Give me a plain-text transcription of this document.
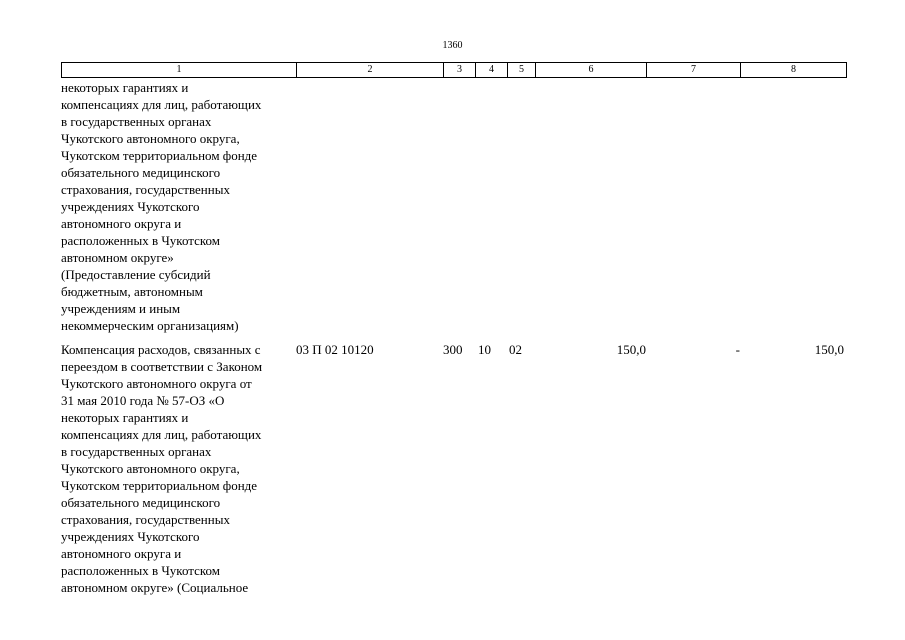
1360
1	2	3	4	5	6	7	8
некоторых гарантиях и
компенсациях для лиц, работающих
в государственных органах
Чукотского автономного округа,
Чукотском территориальном фонде
обязательного медицинского
страхования, государственных
учреждениях Чукотского
автономного округа и
расположенных в Чукотском
автономном округе»
(Предоставление субсидий
бюджетным, автономным
учреждениям и иным
некоммерческим организациям)
Компенсация расходов, связанных с	03 П 02 10120	300 10 02	150,0	-	150,0
переездом в соответствии с Законом
Чукотского автономного округа от
31 мая 2010 года № 57-ОЗ «О
некоторых гарантиях и
компенсациях для лиц, работающих
в государственных органах
Чукотского автономного округа,
Чукотском территориальном фонде
обязательного медицинского
страхования, государственных
учреждениях Чукотского
автономного округа и
расположенных в Чукотском
автономном округе» (Социальное
